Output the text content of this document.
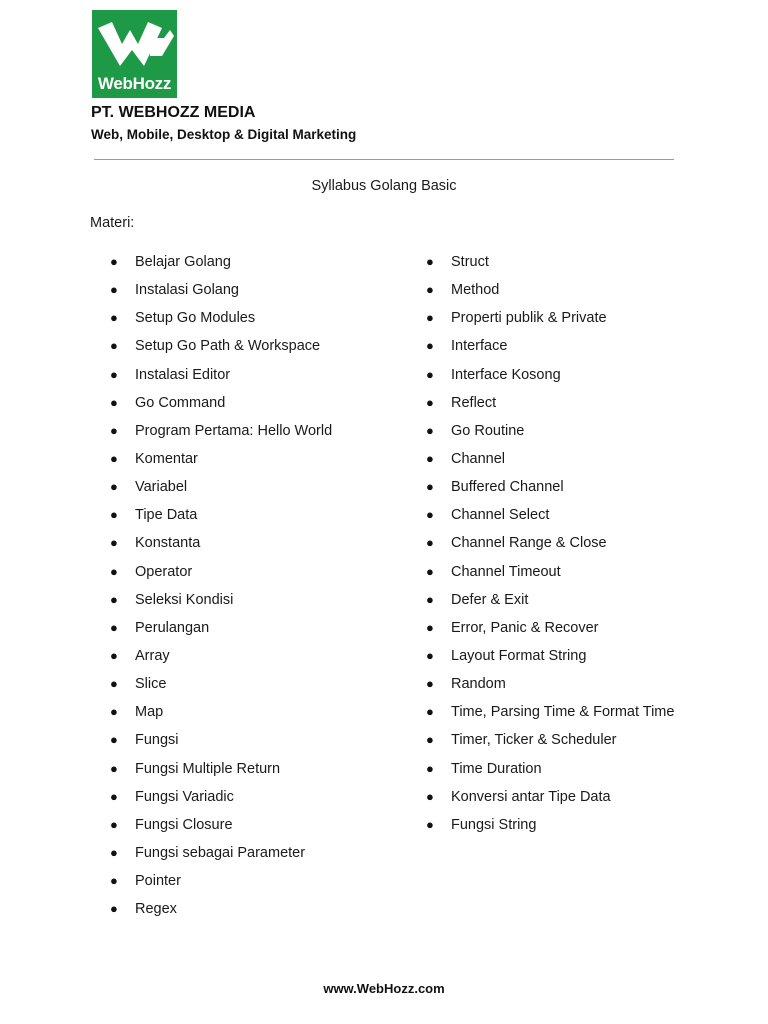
WebHozz
PT. WEBHOZZ MEDIA
Web, Mobile, Desktop & Digital Marketing
Syllabus Golang Basic
Materi:
●	Belajar Golang
●	Instalasi Golang
●	Setup Go Modules
●	Setup Go Path & Workspace
●	Instalasi Editor
●	Go Command
●	Program Pertama: Hello World
●	Komentar
●	Variabel
●	Tipe Data
●	Konstanta
●	Operator
●	Seleksi Kondisi
●	Perulangan
●	Array
●	Slice
●	Map
●	Fungsi
●	Fungsi Multiple Return
●	Fungsi Variadic
●	Fungsi Closure
●	Fungsi sebagai Parameter
●	Pointer
●	Regex
●	Struct
●	Method
●	Properti publik & Private
●	Interface
●	Interface Kosong
●	Reflect
●	Go Routine
●	Channel
●	Buffered Channel
●	Channel Select
●	Channel Range & Close
●	Channel Timeout
●	Defer & Exit
●	Error, Panic & Recover
●	Layout Format String
●	Random
●	Time, Parsing Time & Format Time
●	Timer, Ticker & Scheduler
●	Time Duration
●	Konversi antar Tipe Data
●	Fungsi String
www.WebHozz.com
